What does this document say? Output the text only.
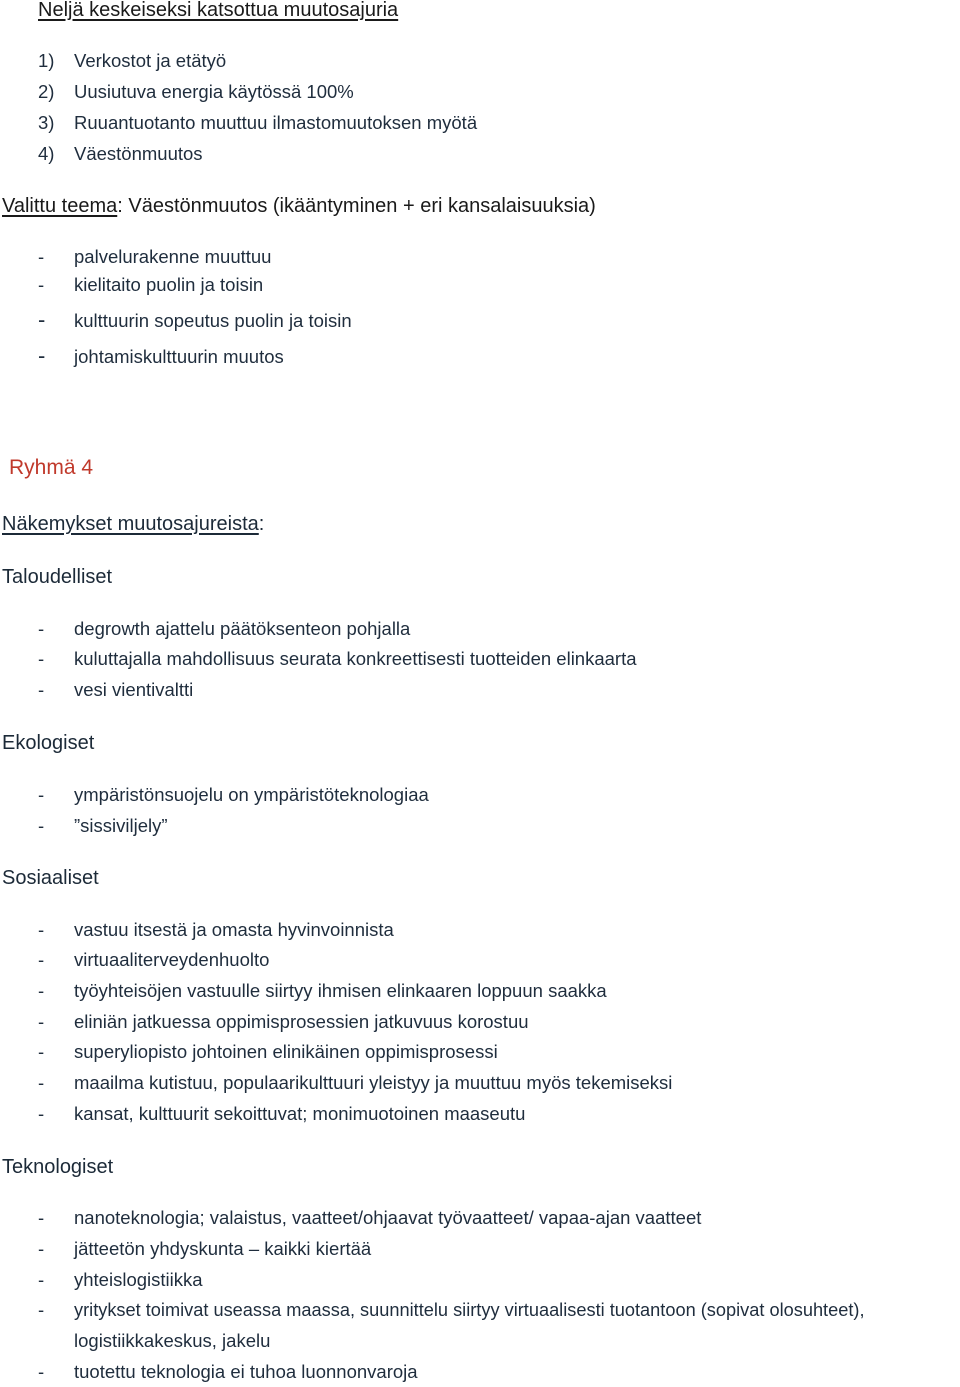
Neljä keskeiseksi katsottua muutosajuria
1) Verkostot ja etätyö
2) Uusiutuva energia käytössä 100%
3) Ruuantuotanto muuttuu ilmastomuutoksen myötä
4) Väestönmuutos
Valittu teema: Väestönmuutos (ikääntyminen + eri kansalaisuuksia)
- palvelurakenne muuttuu
- kielitaito puolin ja toisin
- kulttuurin sopeutus puolin ja toisin
- johtamiskulttuurin muutos
Ryhmä 4
Näkemykset muutosajureista:
Taloudelliset
- degrowth ajattelu päätöksenteon pohjalla
- kuluttajalla mahdollisuus seurata konkreettisesti tuotteiden elinkaarta
- vesi vientivaltti
Ekologiset
- ympäristönsuojelu on ympäristöteknologiaa
- ”sissiviljely”
Sosiaaliset
- vastuu itsestä ja omasta hyvinvoinnista
- virtuaaliterveydenhuolto
- työyhteisöjen vastuulle siirtyy ihmisen elinkaaren loppuun saakka
- eliniän jatkuessa oppimisprosessien jatkuvuus korostuu
- superyliopisto johtoinen elinikäinen oppimisprosessi
- maailma kutistuu, populaarikulttuuri yleistyy ja muuttuu myös tekemiseksi
- kansat, kulttuurit sekoittuvat; monimuotoinen maaseutu
Teknologiset
- nanoteknologia; valaistus, vaatteet/ohjaavat työvaatteet/ vapaa-ajan vaatteet
- jätteetön yhdyskunta – kaikki kiertää
- yhteislogistiikka
- yritykset toimivat useassa maassa, suunnittelu siirtyy virtuaalisesti tuotantoon (sopivat olosuhteet),
logistiikkakeskus, jakelu
- tuotettu teknologia ei tuhoa luonnonvaroja
